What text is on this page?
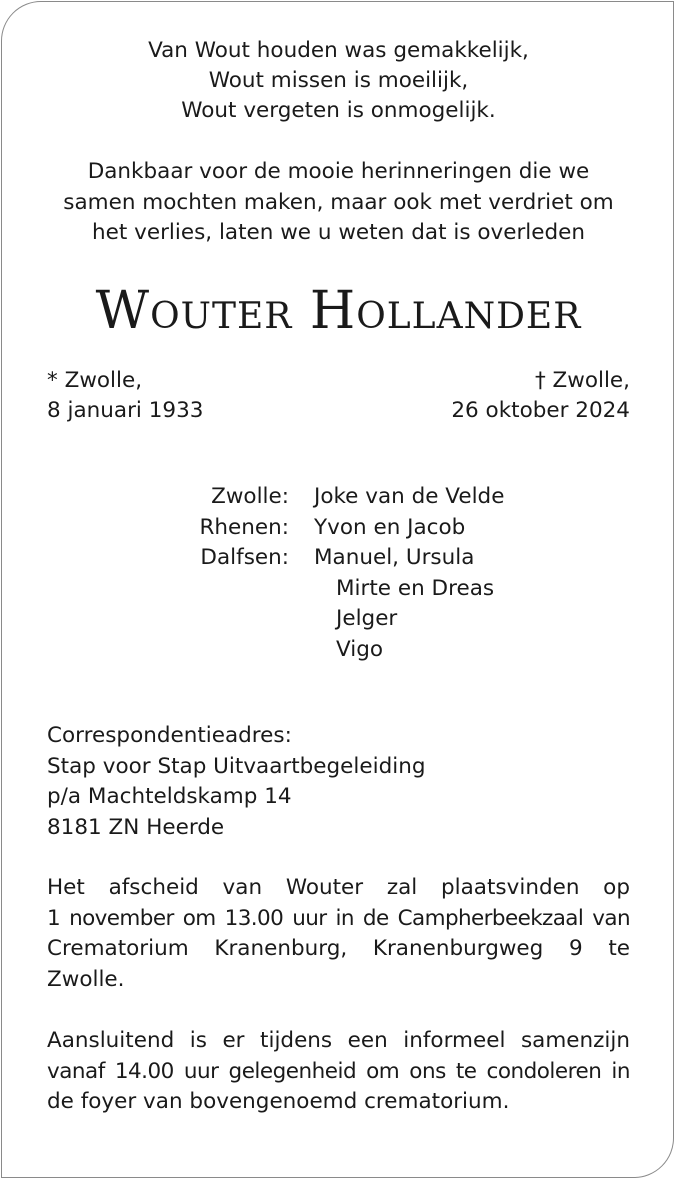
Van Wout houden was gemakkelijk,
Wout missen is moeilijk,
Wout vergeten is onmogelijk.
Dankbaar voor de mooie herinneringen die we
samen mochten maken, maar ook met verdriet om
het verlies, laten we u weten dat is overleden
Wouter Hollander
* Zwolle,
8 januari 1933
† Zwolle,
26 oktober 2024
Zwolle: Joke van de Velde
Rhenen: Yvon en Jacob
Dalfsen: Manuel, Ursula
Mirte en Dreas
Jelger
Vigo
Correspondentieadres:
Stap voor Stap Uitvaartbegeleiding
p/a Machteldskamp 14
8181 ZN Heerde
Het afscheid van Wouter zal plaatsvinden op
1 november om 13.00 uur in de Campherbeekzaal van
Crematorium Kranenburg, Kranenburgweg 9 te
Zwolle.
Aansluitend is er tijdens een informeel samenzijn
vanaf 14.00 uur gelegenheid om ons te condoleren in
de foyer van bovengenoemd crematorium.
